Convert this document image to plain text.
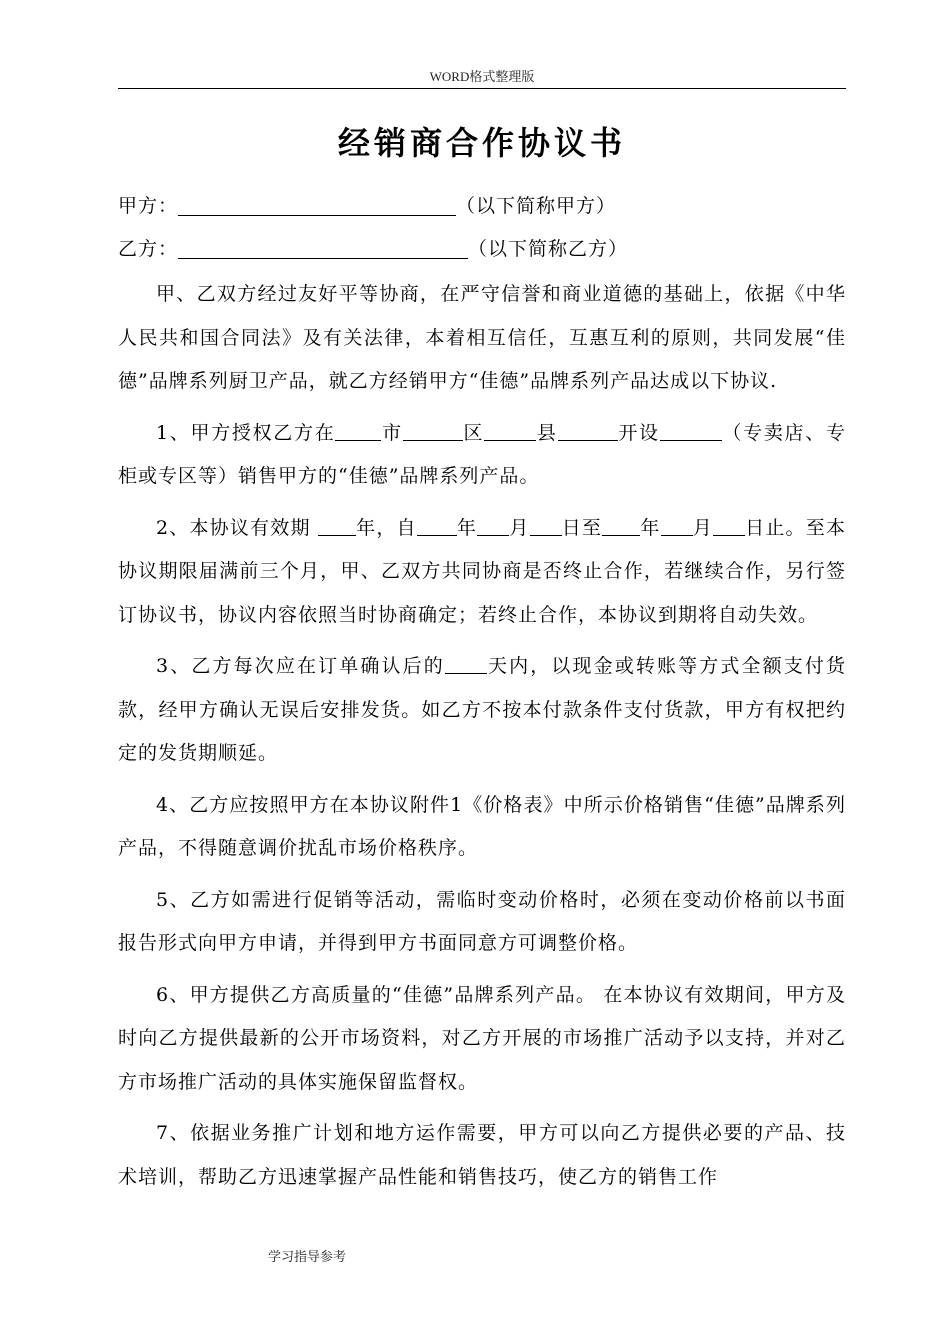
WORD格式整理版
经销商合作协议书
甲方：	（以下简称甲方）
乙方：	（以下简称乙方）

甲、乙双方经过友好平等协商，在严守信誉和商业道德的基础上，依据《中华人民共和国合同法》及有关法律，本着相互信任，互惠互利的原则，共同发展“佳德”品牌系列厨卫产品，就乙方经销甲方“佳德”品牌系列产品达成以下协议.

1、甲方授权乙方在 市	区	县	开设	（专卖店、专柜或专区等）销售甲方的“佳德”品牌系列产品。

2、本协议有效期 年，自 年 月 日至 年 月 日止。至本协议期限届满前三个月，甲、乙双方共同协商是否终止合作，若继续合作，另行签订协议书，协议内容依照当时协商确定；若终止合作，本协议到期将自动失效。

3、乙方每次应在订单确认后的 天内，以现金或转账等方式全额支付货款，经甲方确认无误后安排发货。如乙方不按本付款条件支付货款，甲方有权把约定的发货期顺延。

4、乙方应按照甲方在本协议附件1《价格表》中所示价格销售“佳德”品牌系列产品，不得随意调价扰乱市场价格秩序。

5、乙方如需进行促销等活动，需临时变动价格时，必须在变动价格前以书面报告形式向甲方申请，并得到甲方书面同意方可调整价格。

6、甲方提供乙方高质量的“佳德”品牌系列产品。 在本协议有效期间，甲方及时向乙方提供最新的公开市场资料，对乙方开展的市场推广活动予以支持，并对乙方市场推广活动的具体实施保留监督权。

7、依据业务推广计划和地方运作需要，甲方可以向乙方提供必要的产品、技术培训，帮助乙方迅速掌握产品性能和销售技巧，使乙方的销售工作

学习指导参考
